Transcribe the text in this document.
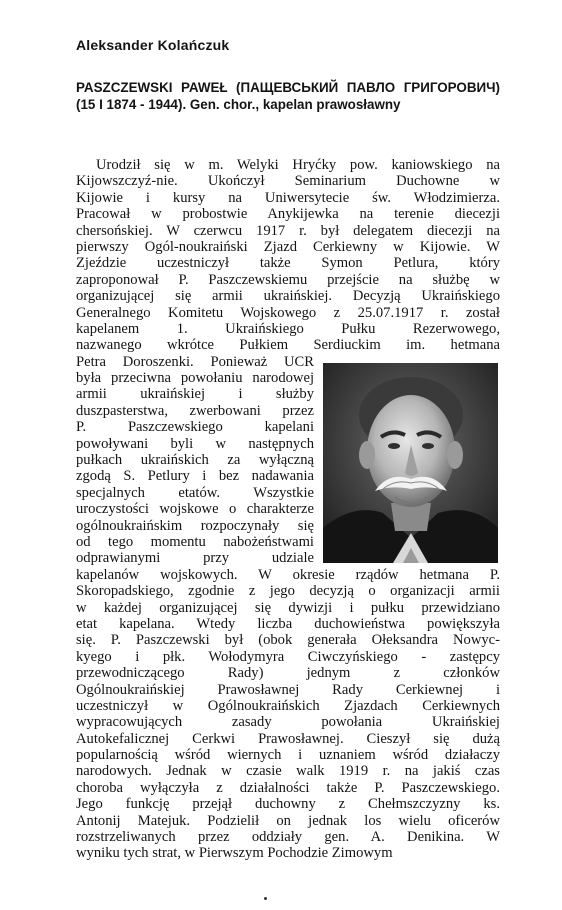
Aleksander Kolańczuk

PASZCZEWSKI PAWEŁ (ПАЩЕВСЬКИЙ ПАВЛО ГРИГОРОВИЧ) (15 I 1874 - 1944). Gen. chor., kapelan prawosławny

Urodził się w m. Welyki Hryćky pow. kaniowskiego na
Kijowszczyź-nie. Ukończył Seminarium Duchowne w
Kijowie i kursy na Uniwersytecie św. Włodzimierza.
Pracował w probostwie Anykijewka na terenie diecezji
chersońskiej. W czerwcu 1917 r. był delegatem diecezji na
pierwszy Ogól-noukraiński Zjazd Cerkiewny w Kijowie. W
Zjeździe uczestniczył także Symon Petlura, który
zaproponował P. Paszczewskiemu przejście na służbę w
organizującej się armii ukraińskiej. Decyzją Ukraińskiego
Generalnego Komitetu Wojskowego z 25.07.1917 r. został
kapelanem 1. Ukraińskiego Pułku Rezerwowego,
nazwanego wkrótce Pułkiem Serdiuckim im. hetmana
Petra Doroszenki. Ponieważ UCR
była przeciwna powołaniu narodowej
armii ukraińskiej i służby
duszpasterstwa, zwerbowani przez
P. Paszczewskiego kapelani
powoływani byli w następnych
pułkach ukraińskich za wyłączną
zgodą S. Petlury i bez nadawania
specjalnych etatów. Wszystkie
uroczystości wojskowe o charakterze
ogólnoukraińskim rozpoczynały się
od tego momentu nabożeństwami
odprawianymi przy udziale
kapelanów wojskowych. W okresie rządów hetmana P.
Skoropadskiego, zgodnie z jego decyzją o organizacji armii
w każdej organizującej się dywizji i pułku przewidziano
etat kapelana. Wtedy liczba duchowieństwa powiększyła
się. P. Paszczewski był (obok generała Ołeksandra Nowyc-
kyego i płk. Wołodymyra Ciwczyńskiego - zastępcy
przewodniczącego Rady) jednym z członków
Ogólnoukraińskiej Prawosławnej Rady Cerkiewnej i
uczestniczył w Ogólnoukraińskich Zjazdach Cerkiewnych
wypracowujących zasady powołania Ukraińskiej
Autokefalicznej Cerkwi Prawosławnej. Cieszył się dużą
popularnością wśród wiernych i uznaniem wśród działaczy
narodowych. Jednak w czasie walk 1919 r. na jakiś czas
choroba wyłączyła z działalności także P. Paszczewskiego.
Jego funkcję przejął duchowny z Chełmszczyzny ks.
Antonij Matejuk. Podzielił on jednak los wielu oficerów
rozstrzeliwanych przez oddziały gen. A. Denikina. W
wyniku tych strat, w Pierwszym Pochodzie Zimowym
